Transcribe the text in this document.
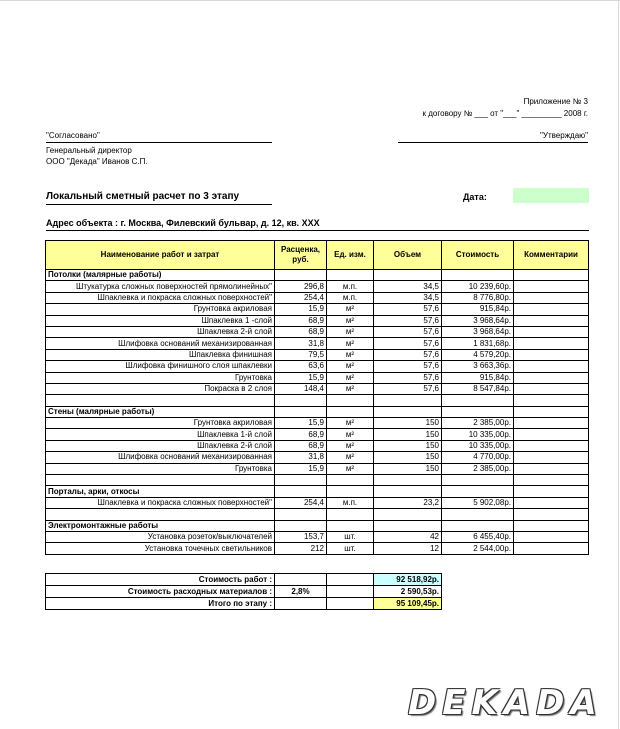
Приложение № 3
к договору № ___ от "___" _________ 2008 г.
"Согласовано"
Генеральный директор
ООО "Декада" Иванов С.П.
"Утверждаю"
Локальный сметный расчет по 3 этапу	Дата:
Адрес объекта : г. Москва, Филевский бульвар, д. 12, кв. XXX
Наименование работ и затрат	Расценка, руб.	Ед. изм.	Объем	Стоимость	Комментарии
Потолки (малярные работы)					
Штукатурка сложных поверхностей прямолинейных"	296,8	м.п.	34,5	10 239,60р.	
Шпаклевка и покраска сложных поверхностей"	254,4	м.п.	34,5	8 776,80р.	
Грунтовка акриловая	15,9	м²	57,6	915,84р.	
Шпаклевка 1 -слой	68,9	м²	57,6	3 968,64р.	
Шпаклевка 2-й слой	68,9	м²	57,6	3 968,64р.	
Шлифовка оснований механизированная	31,8	м²	57,6	1 831,68р.	
Шпаклевка финишная	79,5	м²	57,6	4 579,20р.	
Шлифовка финишного слоя шпаклевки	63,6	м²	57,6	3 663,36р.	
Грунтовка	15,9	м²	57,6	915,84р.	
Покраска в 2 слоя	148,4	м²	57,6	8 547,84р.	

Стены (малярные работы)					
Грунтовка акриловая	15,9	м²	150	2 385,00р.	
Шпаклевка 1-й слой	68,9	м²	150	10 335,00р.	
Шпаклевка 2-й слой	68,9	м²	150	10 335,00р.	
Шлифовка оснований механизированная	31,8	м²	150	4 770,00р.	
Грунтовка	15,9	м²	150	2 385,00р.	

Порталы, арки, откосы					
Шпаклевка и покраска сложных поверхностей"	254,4	м.п.	23,2	5 902,08р.	

Электромонтажные работы					
Установка розеток/выключателей	153,7	шт.	42	6 455,40р.	
Установка точечных светильников	212	шт.	12	2 544,00р.	
Стоимость работ :			92 518,92р.
Стоимость расходных материалов :	2,8%		2 590,53р.
Итого по этапу :			95 109,45р.
DEKADA
